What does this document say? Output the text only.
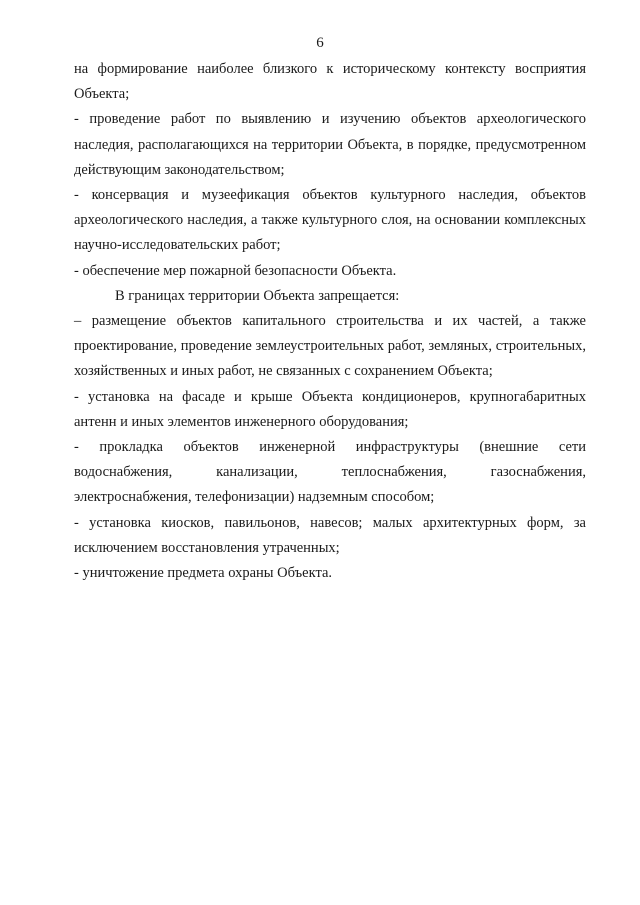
6

на формирование наиболее близкого к историческому контексту восприятия Объекта;

- проведение работ по выявлению и изучению объектов археологического наследия, располагающихся на территории Объекта, в порядке, предусмотренном действующим законодательством;

- консервация и музеефикация объектов культурного наследия, объектов археологического наследия, а также культурного слоя, на основании комплексных научно-исследовательских работ;

- обеспечение мер пожарной безопасности Объекта.

В границах территории Объекта запрещается:

– размещение объектов капитального строительства и их частей, а также проектирование, проведение землеустроительных работ, земляных, строительных, хозяйственных и иных работ, не связанных с сохранением Объекта;

- установка на фасаде и крыше Объекта кондиционеров, крупногабаритных антенн и иных элементов инженерного оборудования;

- прокладка объектов инженерной инфраструктуры (внешние сети водоснабжения, канализации, теплоснабжения, газоснабжения, электроснабжения, телефонизации) надземным способом;

- установка киосков, павильонов, навесов; малых архитектурных форм, за исключением восстановления утраченных;

- уничтожение предмета охраны Объекта.
